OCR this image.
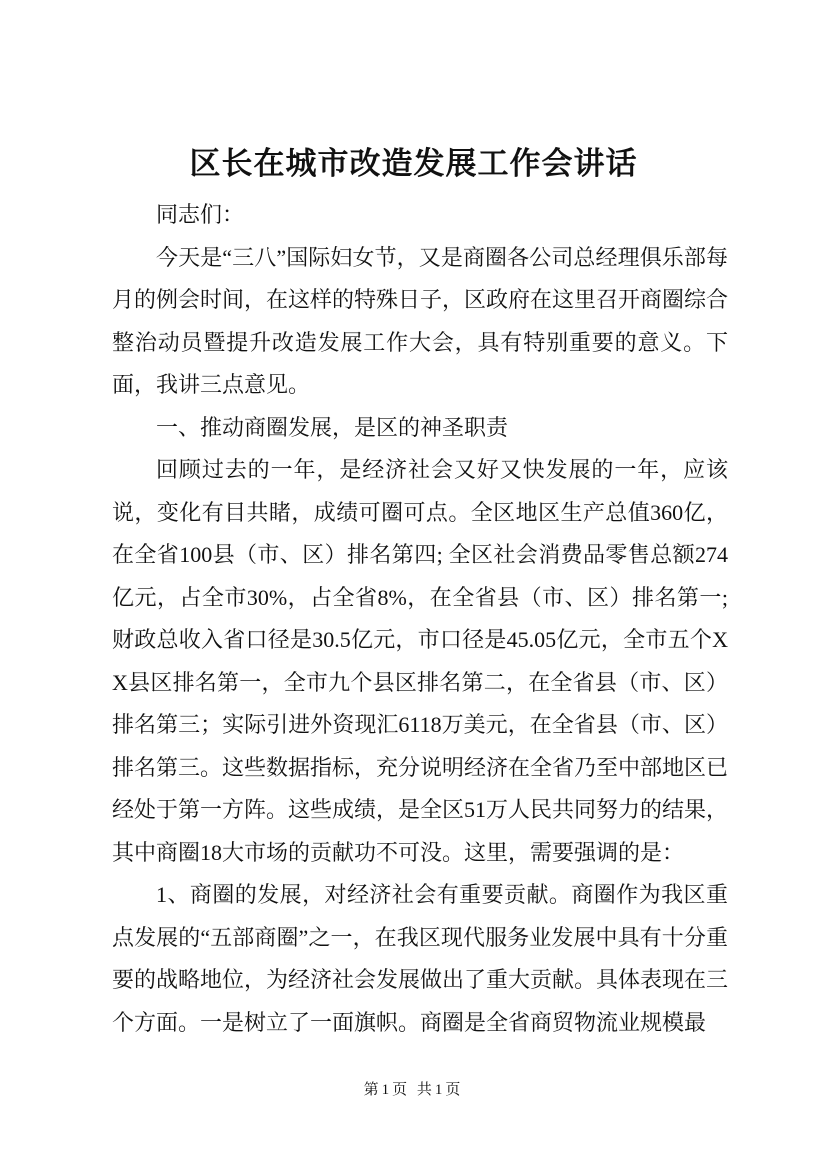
区长在城市改造发展工作会讲话

同志们：

今天是“三八”国际妇女节，又是商圈各公司总经理俱乐部每月的例会时间，在这样的特殊日子，区政府在这里召开商圈综合整治动员暨提升改造发展工作大会，具有特别重要的意义。下面，我讲三点意见。

一、推动商圈发展，是区的神圣职责

回顾过去的一年，是经济社会又好又快发展的一年，应该说，变化有目共睹，成绩可圈可点。全区地区生产总值360亿，在全省100县（市、区）排名第四; 全区社会消费品零售总额274亿元，占全市30%，占全省8%，在全省县（市、区）排名第一; 财政总收入省口径是30.5亿元，市口径是45.05亿元，全市五个XX县区排名第一，全市九个县区排名第二，在全省县（市、区）排名第三；实际引进外资现汇6118万美元，在全省县（市、区）排名第三。这些数据指标，充分说明经济在全省乃至中部地区已经处于第一方阵。这些成绩，是全区51万人民共同努力的结果，其中商圈18大市场的贡献功不可没。这里，需要强调的是：

1、商圈的发展，对经济社会有重要贡献。商圈作为我区重点发展的“五部商圈”之一，在我区现代服务业发展中具有十分重要的战略地位，为经济社会发展做出了重大贡献。具体表现在三个方面。一是树立了一面旗帜。商圈是全省商贸物流业规模最

第1页 共1页
